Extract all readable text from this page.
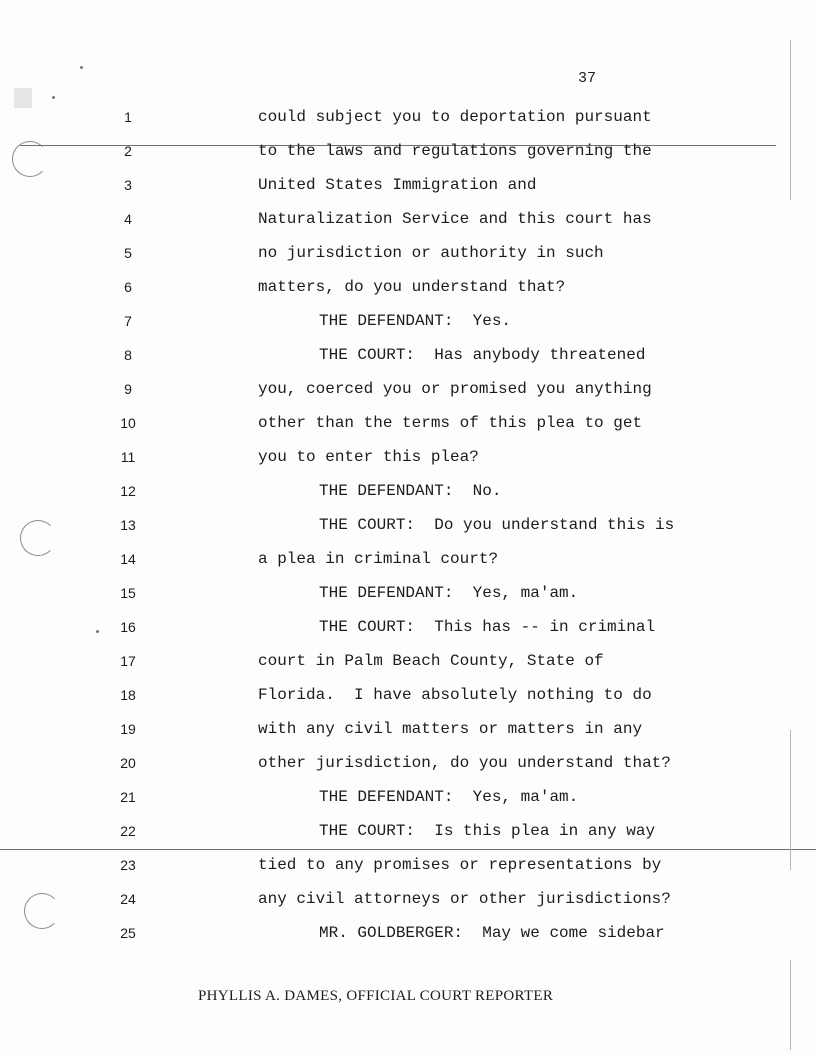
37
1	could subject you to deportation pursuant
2	to the laws and regulations governing the
3	United States Immigration and
4	Naturalization Service and this court has
5	no jurisdiction or authority in such
6	matters, do you understand that?
7	THE DEFENDANT:  Yes.
8	THE COURT:  Has anybody threatened
9	you, coerced you or promised you anything
10	other than the terms of this plea to get
11	you to enter this plea?
12	THE DEFENDANT:  No.
13	THE COURT:  Do you understand this is
14	a plea in criminal court?
15	THE DEFENDANT:  Yes, ma'am.
16	THE COURT:  This has -- in criminal
17	court in Palm Beach County, State of
18	Florida.  I have absolutely nothing to do
19	with any civil matters or matters in any
20	other jurisdiction, do you understand that?
21	THE DEFENDANT:  Yes, ma'am.
22	THE COURT:  Is this plea in any way
23	tied to any promises or representations by
24	any civil attorneys or other jurisdictions?
25	MR. GOLDBERGER:  May we come sidebar
PHYLLIS A. DAMES, OFFICIAL COURT REPORTER
